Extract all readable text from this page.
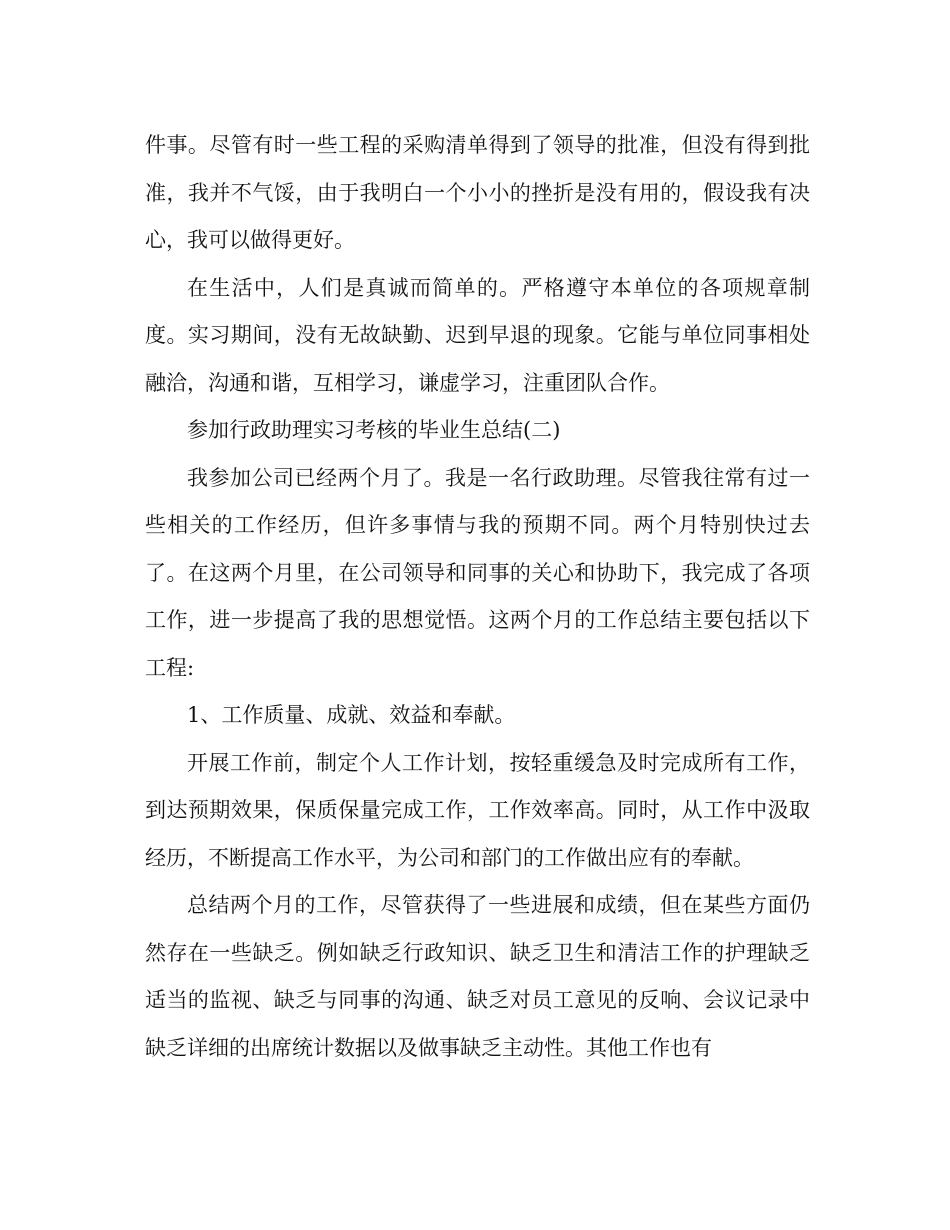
件事。尽管有时一些工程的采购清单得到了领导的批准，但没有得到批准，我并不气馁，由于我明白一个小小的挫折是没有用的，假设我有决心，我可以做得更好。

在生活中，人们是真诚而简单的。严格遵守本单位的各项规章制度。实习期间，没有无故缺勤、迟到早退的现象。它能与单位同事相处融洽，沟通和谐，互相学习，谦虚学习，注重团队合作。

参加行政助理实习考核的毕业生总结(二)

我参加公司已经两个月了。我是一名行政助理。尽管我往常有过一些相关的工作经历，但许多事情与我的预期不同。两个月特别快过去了。在这两个月里，在公司领导和同事的关心和协助下，我完成了各项工作，进一步提高了我的思想觉悟。这两个月的工作总结主要包括以下工程:

1、工作质量、成就、效益和奉献。

开展工作前，制定个人工作计划，按轻重缓急及时完成所有工作，到达预期效果，保质保量完成工作，工作效率高。同时，从工作中汲取经历，不断提高工作水平，为公司和部门的工作做出应有的奉献。

总结两个月的工作，尽管获得了一些进展和成绩，但在某些方面仍然存在一些缺乏。例如缺乏行政知识、缺乏卫生和清洁工作的护理缺乏适当的监视、缺乏与同事的沟通、缺乏对员工意见的反响、会议记录中缺乏详细的出席统计数据以及做事缺乏主动性。其他工作也有
